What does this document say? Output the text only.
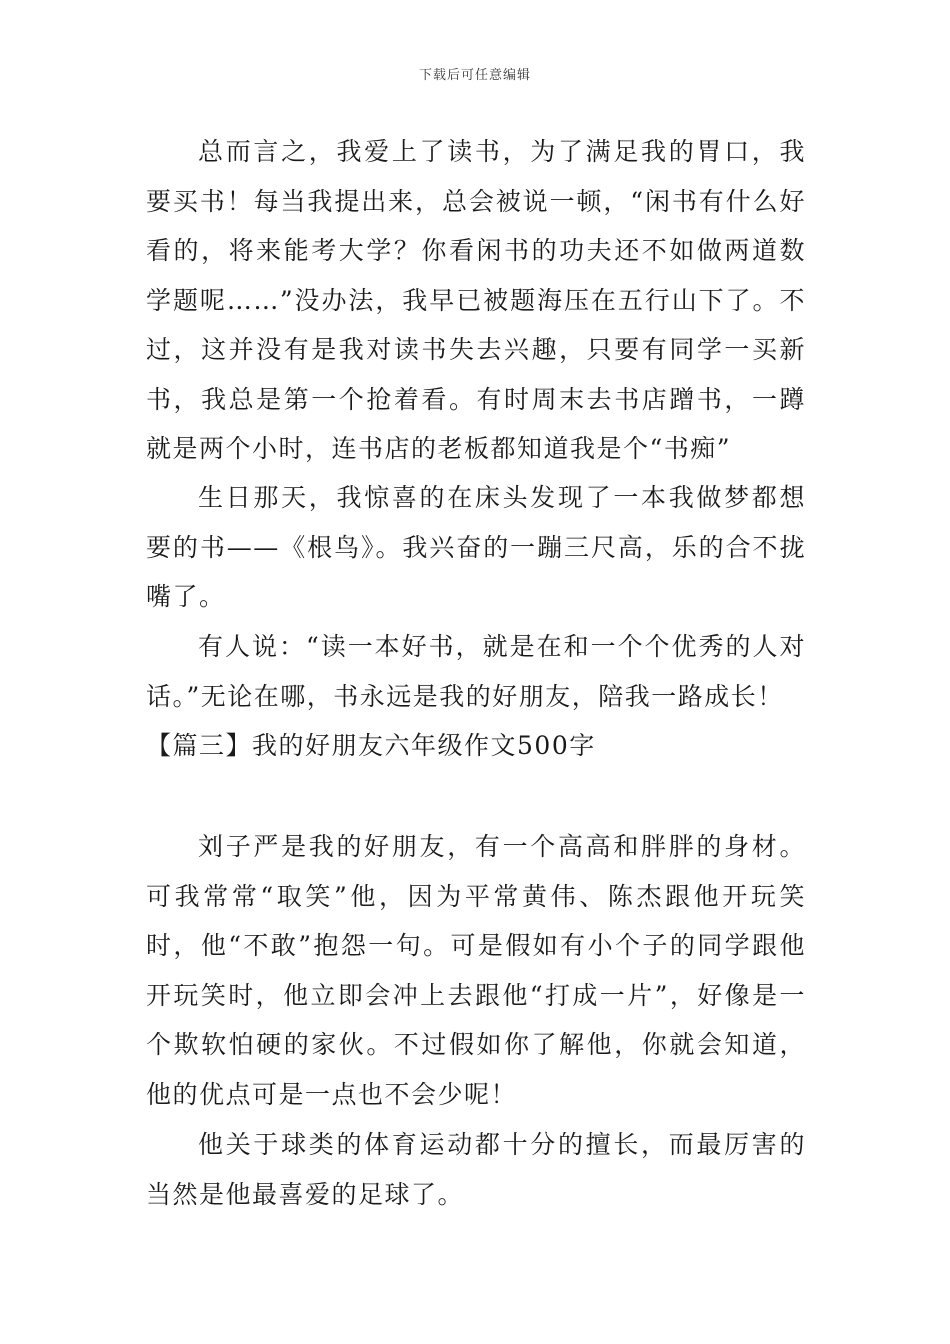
下载后可任意编辑

总而言之，我爱上了读书，为了满足我的胃口，我要买书！每当我提出来，总会被说一顿，“闲书有什么好看的，将来能考大学？你看闲书的功夫还不如做两道数学题呢……”没办法，我早已被题海压在五行山下了。不过，这并没有是我对读书失去兴趣，只要有同学一买新书，我总是第一个抢着看。有时周末去书店蹭书，一蹲就是两个小时，连书店的老板都知道我是个“书痴”

生日那天，我惊喜的在床头发现了一本我做梦都想要的书——《根鸟》。我兴奋的一蹦三尺高，乐的合不拢嘴了。

有人说：“读一本好书，就是在和一个个优秀的人对话。”无论在哪，书永远是我的好朋友，陪我一路成长！

【篇三】我的好朋友六年级作文500字

刘子严是我的好朋友，有一个高高和胖胖的身材。可我常常“取笑”他，因为平常黄伟、陈杰跟他开玩笑时，他“不敢”抱怨一句。可是假如有小个子的同学跟他开玩笑时，他立即会冲上去跟他“打成一片”，好像是一个欺软怕硬的家伙。不过假如你了解他，你就会知道，他的优点可是一点也不会少呢！

他关于球类的体育运动都十分的擅长，而最厉害的当然是他最喜爱的足球了。
